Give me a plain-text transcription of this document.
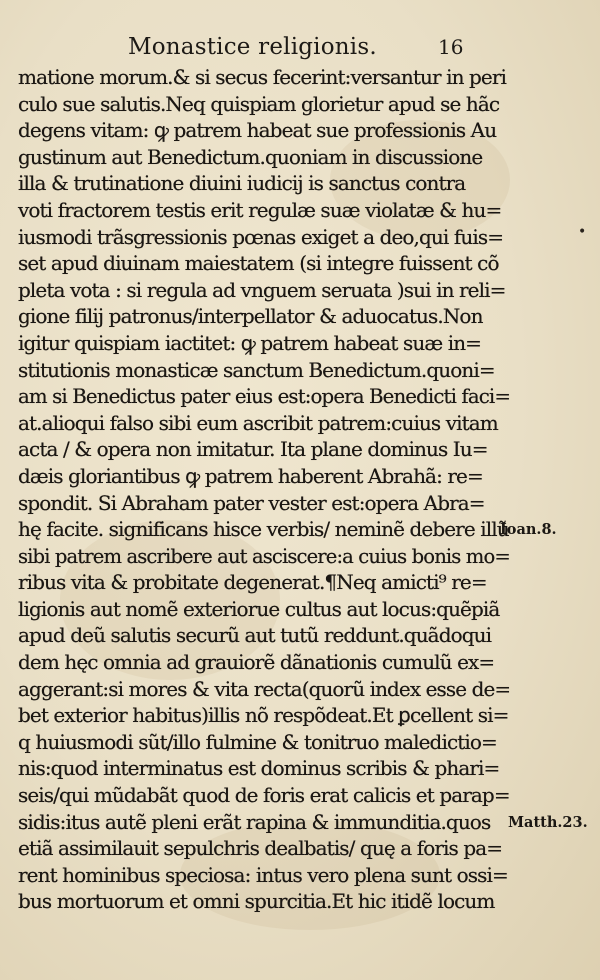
Monastice religionis.	16
matione morum.& si secus fecerint:versantur in peri
culo sue salutis.Neq quispiam glorietur apud se hãc
degens vitam: ꝙ patrem habeat sue professionis Au
gustinum aut Benedictum.quoniam in discussione
illa & trutinatione diuini iudicij is sanctus contra
voti fractorem testis erit regulæ suæ violatæ & hu=
iusmodi trãsgressionis pœnas exiget a deo,qui fuis=
set apud diuinam maiestatem (si integre fuissent cõ
pleta vota : si regula ad vnguem seruata )sui in reli=
gione filij patronus/interpellator & aduocatus.Non
igitur quispiam iactitet: ꝙ patrem habeat suæ in=
stitutionis monasticæ sanctum Benedictum.quoni=
am si Benedictus pater eius est:opera Benedicti faci=
at.alioqui falso sibi eum ascribit patrem:cuius vitam
acta / & opera non imitatur. Ita plane dominus Iu=
dæis gloriantibus ꝙ patrem haberent Abrahã: re=
spondit. Si Abraham pater vester est:opera Abra=
hę facite. significans hisce verbis/ neminẽ debere illũ
sibi patrem ascribere aut asciscere:a cuius bonis mo=
ribus vita & probitate degenerat.¶Neq amicti⁹ re=
ligionis aut nomẽ exteriorue cultus aut locus:quẽpiã
apud deũ salutis securũ aut tutũ reddunt.quãdoqui
dem hęc omnia ad grauiorẽ dãnationis cumulũ ex=
aggerant:si mores & vita recta(quorũ index esse de=
bet exterior habitus)illis nõ respõdeat.Et ꝑcellent si=
q huiusmodi sũt/illo fulmine & tonitruo maledictio=
nis:quod interminatus est dominus scribis & phari=
seis/qui mũdabãt quod de foris erat calicis et parap=
sidis:itus autẽ pleni erãt rapina & immunditia.quos
etiã assimilauit sepulchris dealbatis/ quę a foris pa=
rent hominibus speciosa: intus vero plena sunt ossi=
bus mortuorum et omni spurcitia.Et hic itidẽ locum
Ioan.8.
Matth.23.
•
